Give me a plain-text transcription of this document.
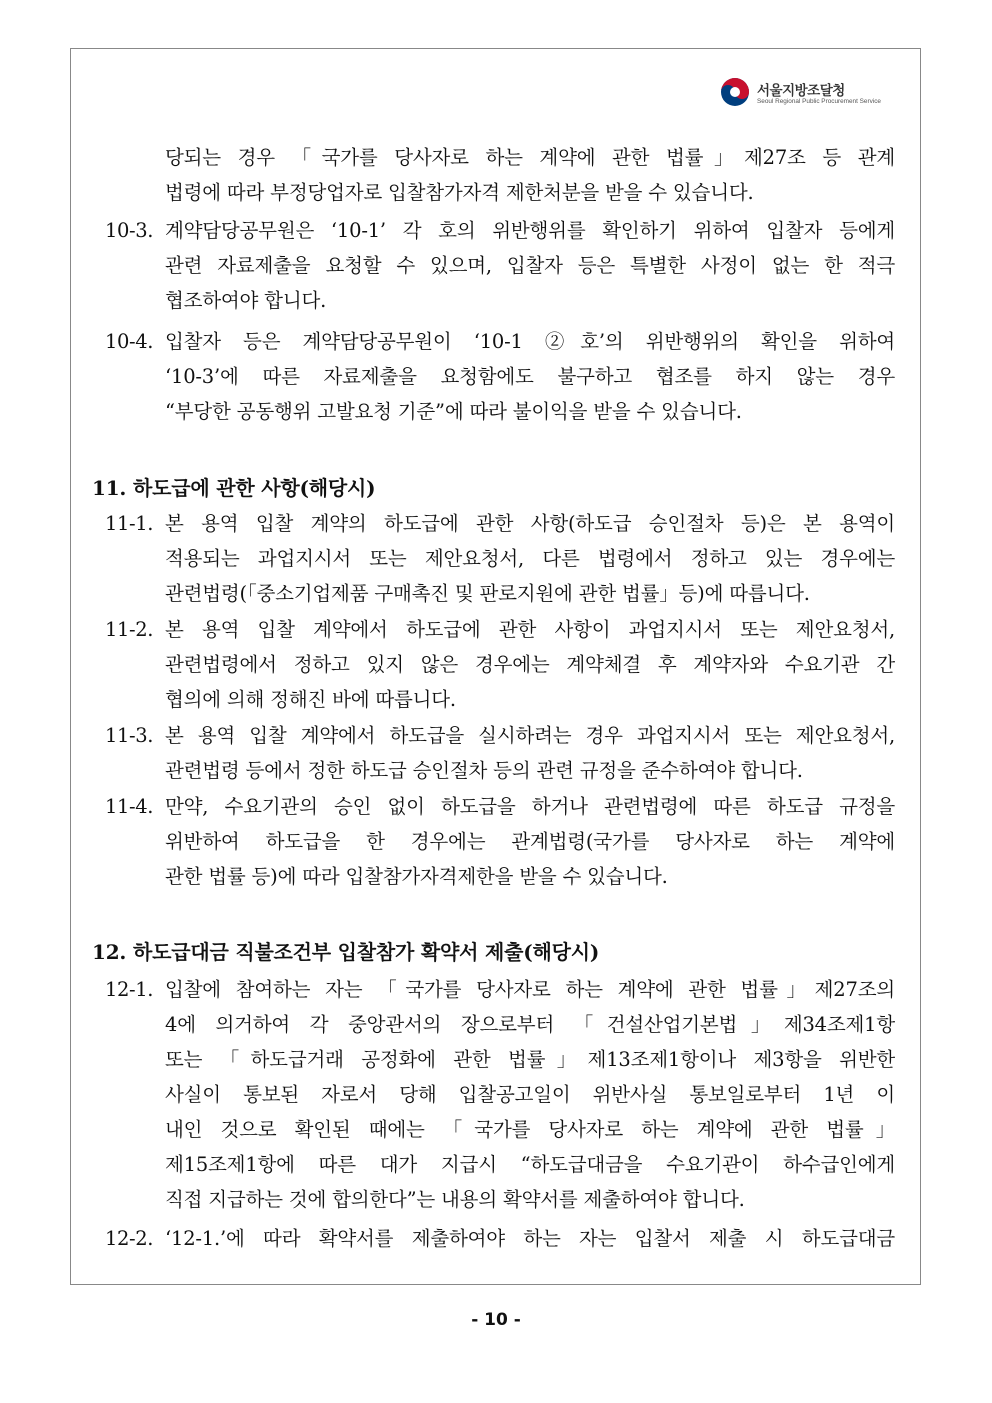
서울지방조달청
Seoul Regional Public Procurement Service
당되는 경우 「국가를 당사자로 하는 계약에 관한 법률」제27조 등 관계
법령에 따라 부정당업자로 입찰참가자격 제한처분을 받을 수 있습니다.
10-3. 계약담당공무원은 ‘10-1’ 각 호의 위반행위를 확인하기 위하여 입찰자 등에게
관련 자료제출을 요청할 수 있으며, 입찰자 등은 특별한 사정이 없는 한 적극
협조하여야 합니다.
10-4. 입찰자 등은 계약담당공무원이 ‘10-1 ②호’의 위반행위의 확인을 위하여
‘10-3’에 따른 자료제출을 요청함에도 불구하고 협조를 하지 않는 경우
“부당한 공동행위 고발요청 기준”에 따라 불이익을 받을 수 있습니다.
11. 하도급에 관한 사항(해당시)
11-1. 본 용역 입찰 계약의 하도급에 관한 사항(하도급 승인절차 등)은 본 용역이
적용되는 과업지시서 또는 제안요청서, 다른 법령에서 정하고 있는 경우에는
관련법령(「중소기업제품 구매촉진 및 판로지원에 관한 법률」등)에 따릅니다.
11-2. 본 용역 입찰 계약에서 하도급에 관한 사항이 과업지시서 또는 제안요청서,
관련법령에서 정하고 있지 않은 경우에는 계약체결 후 계약자와 수요기관 간
협의에 의해 정해진 바에 따릅니다.
11-3. 본 용역 입찰 계약에서 하도급을 실시하려는 경우 과업지시서 또는 제안요청서,
관련법령 등에서 정한 하도급 승인절차 등의 관련 규정을 준수하여야 합니다.
11-4. 만약, 수요기관의 승인 없이 하도급을 하거나 관련법령에 따른 하도급 규정을
위반하여 하도급을 한 경우에는 관계법령(국가를 당사자로 하는 계약에
관한 법률 등)에 따라 입찰참가자격제한을 받을 수 있습니다.
12. 하도급대금 직불조건부 입찰참가 확약서 제출(해당시)
12-1. 입찰에 참여하는 자는 「국가를 당사자로 하는 계약에 관한 법률」제27조의
4에 의거하여 각 중앙관서의 장으로부터 「건설산업기본법」제34조제1항
또는 「하도급거래 공정화에 관한 법률」제13조제1항이나 제3항을 위반한
사실이 통보된 자로서 당해 입찰공고일이 위반사실 통보일로부터 1년 이
내인 것으로 확인된 때에는 「국가를 당사자로 하는 계약에 관한 법률」
제15조제1항에 따른 대가 지급시 “하도급대금을 수요기관이 하수급인에게
직접 지급하는 것에 합의한다”는 내용의 확약서를 제출하여야 합니다.
12-2. ‘12-1.’에 따라 확약서를 제출하여야 하는 자는 입찰서 제출 시 하도급대금
- 10 -
